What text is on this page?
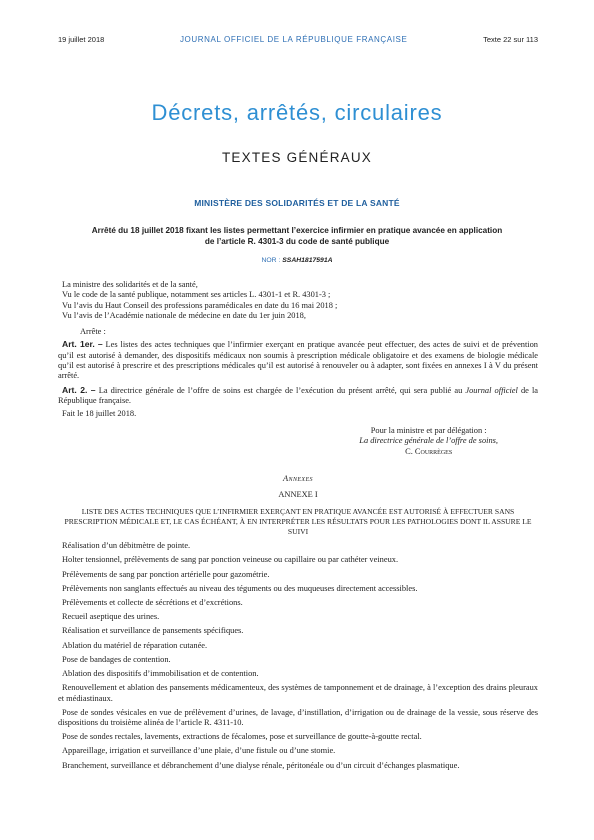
19 juillet 2018	JOURNAL OFFICIEL DE LA RÉPUBLIQUE FRANÇAISE	Texte 22 sur 113
Décrets, arrêtés, circulaires
TEXTES GÉNÉRAUX
MINISTÈRE DES SOLIDARITÉS ET DE LA SANTÉ
Arrêté du 18 juillet 2018 fixant les listes permettant l’exercice infirmier en pratique avancée en application de l’article R. 4301-3 du code de santé publique
NOR : SSAH1817591A

La ministre des solidarités et de la santé,

Vu le code de la santé publique, notamment ses articles L. 4301-1 et R. 4301-3 ;

Vu l’avis du Haut Conseil des professions paramédicales en date du 16 mai 2018 ;

Vu l’avis de l’Académie nationale de médecine en date du 1er juin 2018,

Arrête :

Art. 1er. – Les listes des actes techniques que l’infirmier exerçant en pratique avancée peut effectuer, des actes de suivi et de prévention qu’il est autorisé à demander, des dispositifs médicaux non soumis à prescription médicale obligatoire et des examens de biologie médicale qu’il est autorisé à prescrire et des prescriptions médicales qu’il est autorisé à renouveler ou à adapter, sont fixées en annexes I à V du présent arrêté.

Art. 2. – La directrice générale de l’offre de soins est chargée de l’exécution du présent arrêté, qui sera publié au Journal officiel de la République française.

Fait le 18 juillet 2018.

Pour la ministre et par délégation :
La directrice générale de l’offre de soins,
C. Courrèges

Annexes

ANNEXE I

LISTE DES ACTES TECHNIQUES QUE L’INFIRMIER EXERÇANT EN PRATIQUE AVANCÉE EST AUTORISÉ À EFFECTUER SANS PRESCRIPTION MÉDICALE ET, LE CAS ÉCHÉANT, À EN INTERPRÉTER LES RÉSULTATS POUR LES PATHOLOGIES DONT IL ASSURE LE SUIVI

Réalisation d’un débitmètre de pointe.

Holter tensionnel, prélèvements de sang par ponction veineuse ou capillaire ou par cathéter veineux.

Prélèvements de sang par ponction artérielle pour gazométrie.

Prélèvements non sanglants effectués au niveau des téguments ou des muqueuses directement accessibles.

Prélèvements et collecte de sécrétions et d’excrétions.

Recueil aseptique des urines.

Réalisation et surveillance de pansements spécifiques.

Ablation du matériel de réparation cutanée.

Pose de bandages de contention.

Ablation des dispositifs d’immobilisation et de contention.

Renouvellement et ablation des pansements médicamenteux, des systèmes de tamponnement et de drainage, à l’exception des drains pleuraux et médiastinaux.

Pose de sondes vésicales en vue de prélèvement d’urines, de lavage, d’instillation, d’irrigation ou de drainage de la vessie, sous réserve des dispositions du troisième alinéa de l’article R. 4311-10.

Pose de sondes rectales, lavements, extractions de fécalomes, pose et surveillance de goutte-à-goutte rectal.

Appareillage, irrigation et surveillance d’une plaie, d’une fistule ou d’une stomie.

Branchement, surveillance et débranchement d’une dialyse rénale, péritonéale ou d’un circuit d’échanges plasmatique.
